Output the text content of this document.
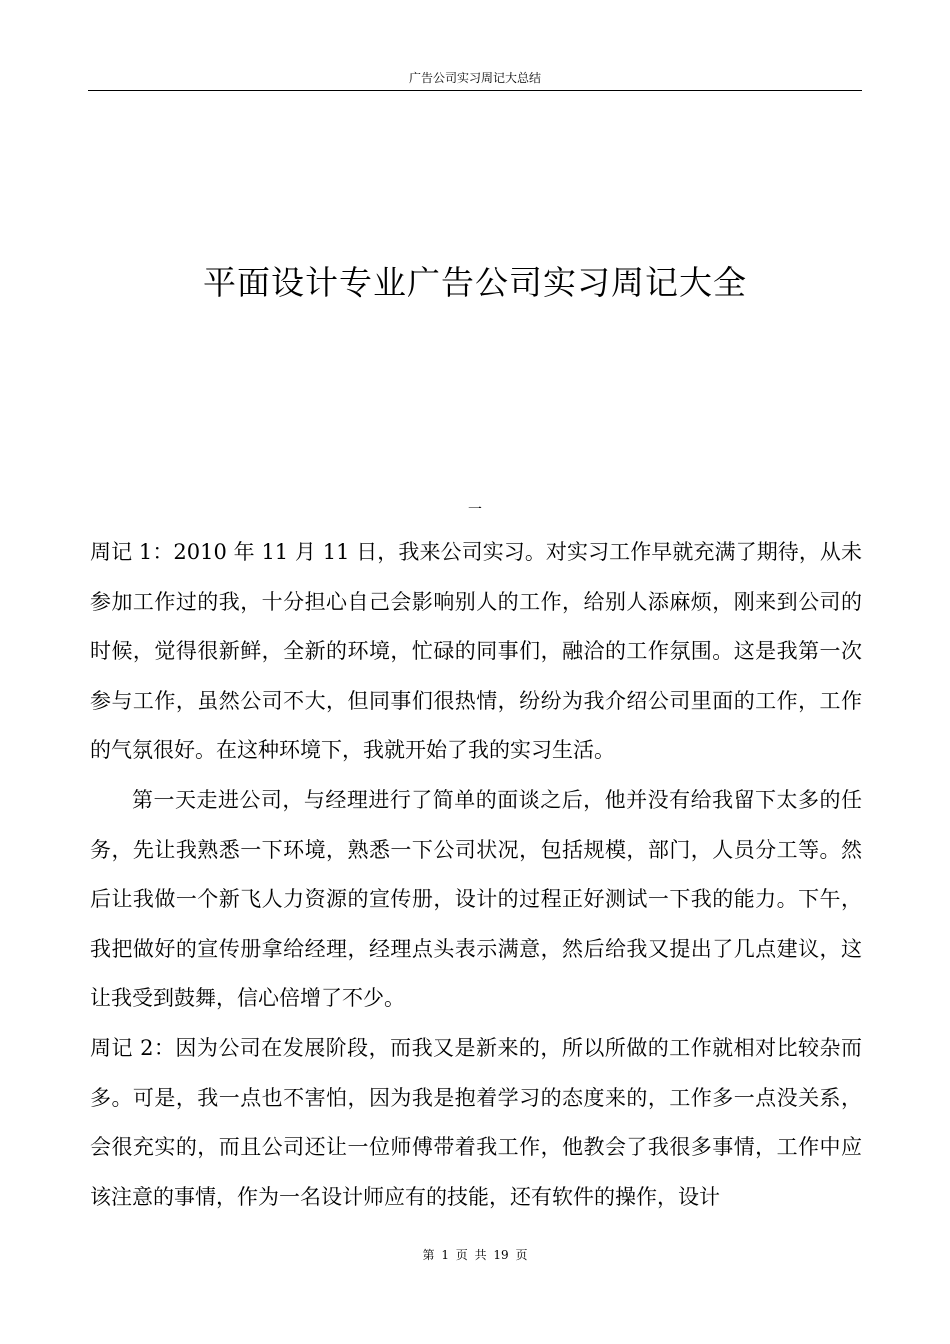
广告公司实习周记大总结
平面设计专业广告公司实习周记大全
一

周记 1：2010 年 11 月 11 日，我来公司实习。对实习工作早就充满了期待，从未参加工作过的我，十分担心自己会影响别人的工作，给别人添麻烦，刚来到公司的时候，觉得很新鲜，全新的环境，忙碌的同事们，融洽的工作氛围。这是我第一次参与工作，虽然公司不大，但同事们很热情，纷纷为我介绍公司里面的工作，工作的气氛很好。在这种环境下，我就开始了我的实习生活。

第一天走进公司，与经理进行了简单的面谈之后，他并没有给我留下太多的任务，先让我熟悉一下环境，熟悉一下公司状况，包括规模，部门，人员分工等。然后让我做一个新飞人力资源的宣传册，设计的过程正好测试一下我的能力。下午，我把做好的宣传册拿给经理，经理点头表示满意，然后给我又提出了几点建议，这让我受到鼓舞，信心倍增了不少。

周记 2：因为公司在发展阶段，而我又是新来的，所以所做的工作就相对比较杂而多。可是，我一点也不害怕，因为我是抱着学习的态度来的，工作多一点没关系，会很充实的，而且公司还让一位师傅带着我工作，他教会了我很多事情，工作中应该注意的事情，作为一名设计师应有的技能，还有软件的操作，设计

第 1 页 共 19 页
